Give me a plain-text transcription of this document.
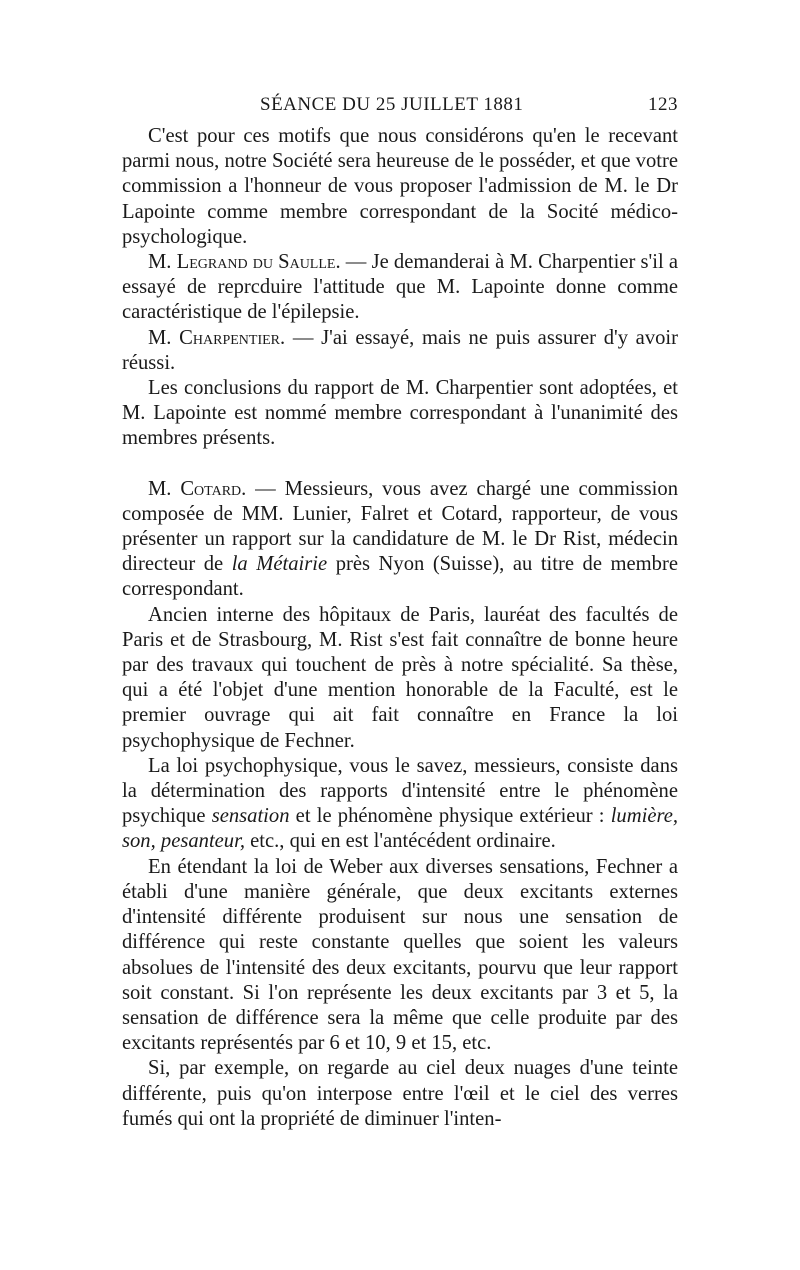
SÉANCE DU 25 JUILLET 1881	123

C'est pour ces motifs que nous considérons qu'en le recevant parmi nous, notre Société sera heureuse de le posséder, et que votre commission a l'honneur de vous proposer l'admission de M. le Dr Lapointe comme membre correspondant de la Socité médico-psychologique.

M. Legrand du Saulle. — Je demanderai à M. Charpentier s'il a essayé de reprcduire l'attitude que M. Lapointe donne comme caractéristique de l'épilepsie.

M. Charpentier. — J'ai essayé, mais ne puis assurer d'y avoir réussi.

Les conclusions du rapport de M. Charpentier sont adoptées, et M. Lapointe est nommé membre correspondant à l'unanimité des membres présents.

M. Cotard. — Messieurs, vous avez chargé une commission composée de MM. Lunier, Falret et Cotard, rapporteur, de vous présenter un rapport sur la candidature de M. le Dr Rist, médecin directeur de la Métairie près Nyon (Suisse), au titre de membre correspondant.

Ancien interne des hôpitaux de Paris, lauréat des facultés de Paris et de Strasbourg, M. Rist s'est fait connaître de bonne heure par des travaux qui touchent de près à notre spécialité. Sa thèse, qui a été l'objet d'une mention honorable de la Faculté, est le premier ouvrage qui ait fait connaître en France la loi psychophysique de Fechner.

La loi psychophysique, vous le savez, messieurs, consiste dans la détermination des rapports d'intensité entre le phénomène psychique sensation et le phénomène physique extérieur : lumière, son, pesanteur, etc., qui en est l'antécédent ordinaire.

En étendant la loi de Weber aux diverses sensations, Fechner a établi d'une manière générale, que deux excitants externes d'intensité différente produisent sur nous une sensation de différence qui reste constante quelles que soient les valeurs absolues de l'intensité des deux excitants, pourvu que leur rapport soit constant. Si l'on représente les deux excitants par 3 et 5, la sensation de différence sera la même que celle produite par des excitants représentés par 6 et 10, 9 et 15, etc.

Si, par exemple, on regarde au ciel deux nuages d'une teinte différente, puis qu'on interpose entre l'œil et le ciel des verres fumés qui ont la propriété de diminuer l'inten-
